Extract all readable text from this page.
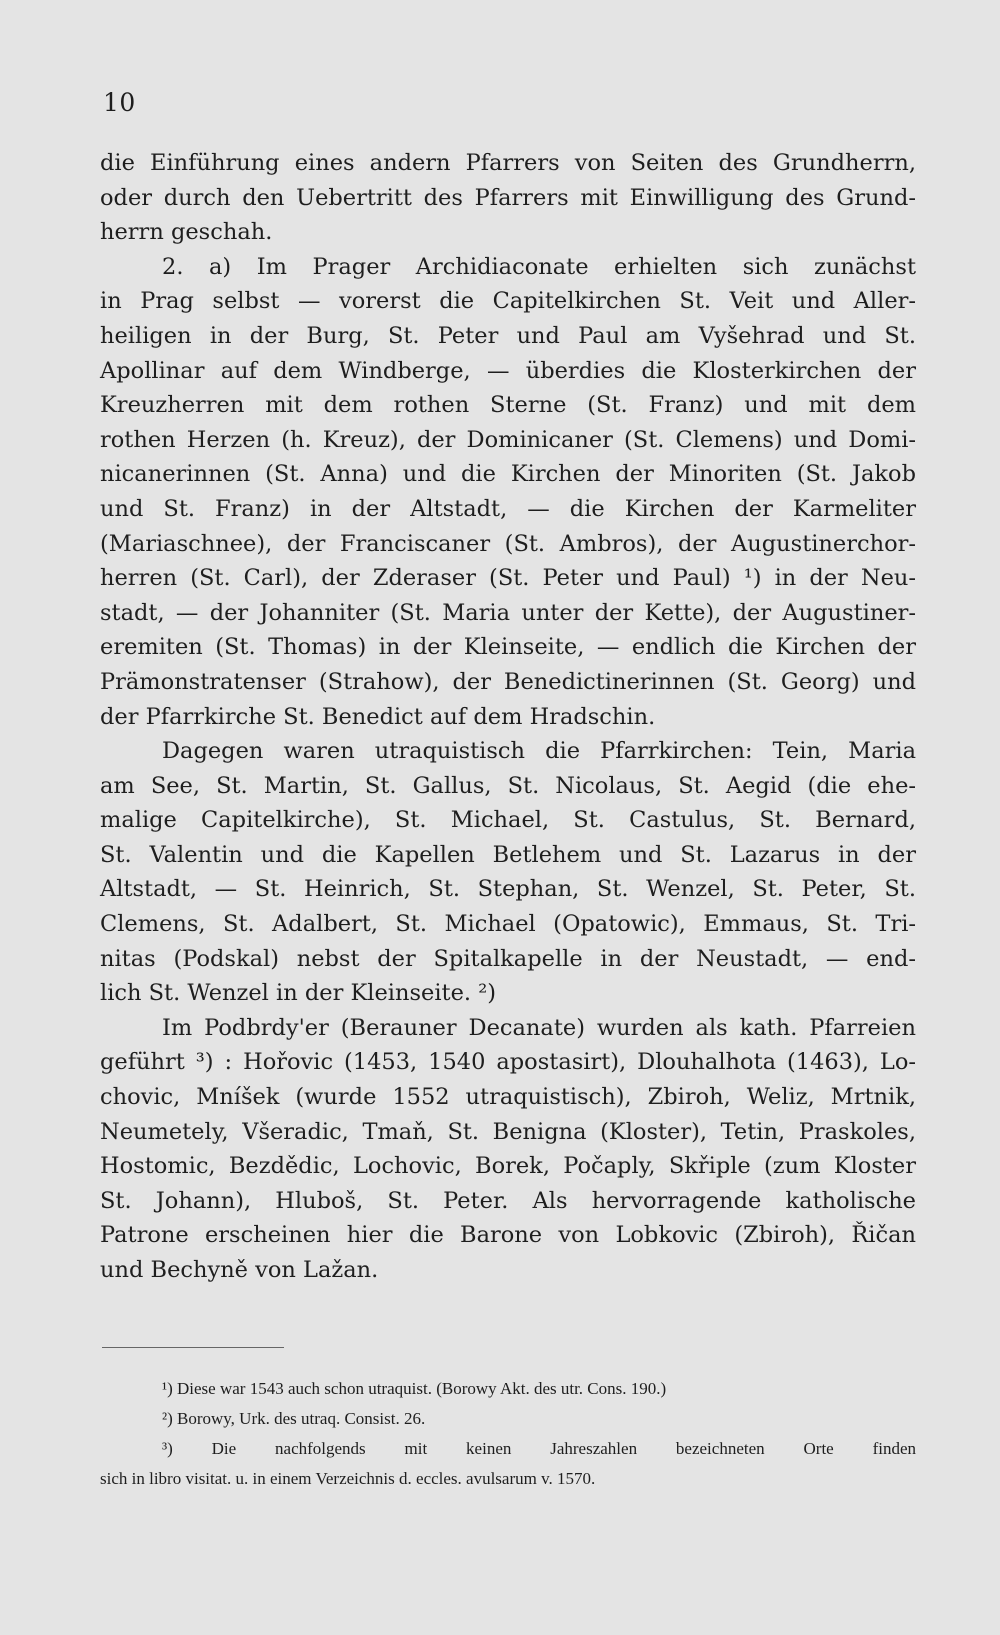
10
die Einführung eines andern Pfarrers von Seiten des Grundherrn,
oder durch den Uebertritt des Pfarrers mit Einwilligung des Grund-
herrn geschah.
2. a) Im Prager Archidiaconate erhielten sich zunächst
in Prag selbst — vorerst die Capitelkirchen St. Veit und Aller-
heiligen in der Burg, St. Peter und Paul am Vyšehrad und St.
Apollinar auf dem Windberge, — überdies die Klosterkirchen der
Kreuzherren mit dem rothen Sterne (St. Franz) und mit dem
rothen Herzen (h. Kreuz), der Dominicaner (St. Clemens) und Domi-
nicanerinnen (St. Anna) und die Kirchen der Minoriten (St. Jakob
und St. Franz) in der Altstadt, — die Kirchen der Karmeliter
(Mariaschnee), der Franciscaner (St. Ambros), der Augustinerchor-
herren (St. Carl), der Zderaser (St. Peter und Paul) ¹) in der Neu-
stadt, — der Johanniter (St. Maria unter der Kette), der Augustiner-
eremiten (St. Thomas) in der Kleinseite, — endlich die Kirchen der
Prämonstratenser (Strahow), der Benedictinerinnen (St. Georg) und
der Pfarrkirche St. Benedict auf dem Hradschin.
Dagegen waren utraquistisch die Pfarrkirchen: Tein, Maria
am See, St. Martin, St. Gallus, St. Nicolaus, St. Aegid (die ehe-
malige Capitelkirche), St. Michael, St. Castulus, St. Bernard,
St. Valentin und die Kapellen Betlehem und St. Lazarus in der
Altstadt, — St. Heinrich, St. Stephan, St. Wenzel, St. Peter, St.
Clemens, St. Adalbert, St. Michael (Opatowic), Emmaus, St. Tri-
nitas (Podskal) nebst der Spitalkapelle in der Neustadt, — end-
lich St. Wenzel in der Kleinseite. ²)
Im Podbrdy'er (Berauner Decanate) wurden als kath. Pfarreien
geführt ³) : Hořovic (1453, 1540 apostasirt), Dlouhalhota (1463), Lo-
chovic, Mníšek (wurde 1552 utraquistisch), Zbiroh, Weliz, Mrtnik,
Neumetely, Všeradic, Tmaň, St. Benigna (Kloster), Tetin, Praskoles,
Hostomic, Bezdědic, Lochovic, Borek, Počaply, Skřiple (zum Kloster
St. Johann), Hluboš, St. Peter. Als hervorragende katholische
Patrone erscheinen hier die Barone von Lobkovic (Zbiroh), Řičan
und Bechyně von Lažan.
¹) Diese war 1543 auch schon utraquist. (Borowy Akt. des utr. Cons. 190.)
²) Borowy, Urk. des utraq. Consist. 26.
³) Die nachfolgends mit keinen Jahreszahlen bezeichneten Orte finden
sich in libro visitat. u. in einem Verzeichnis d. eccles. avulsarum v. 1570.
